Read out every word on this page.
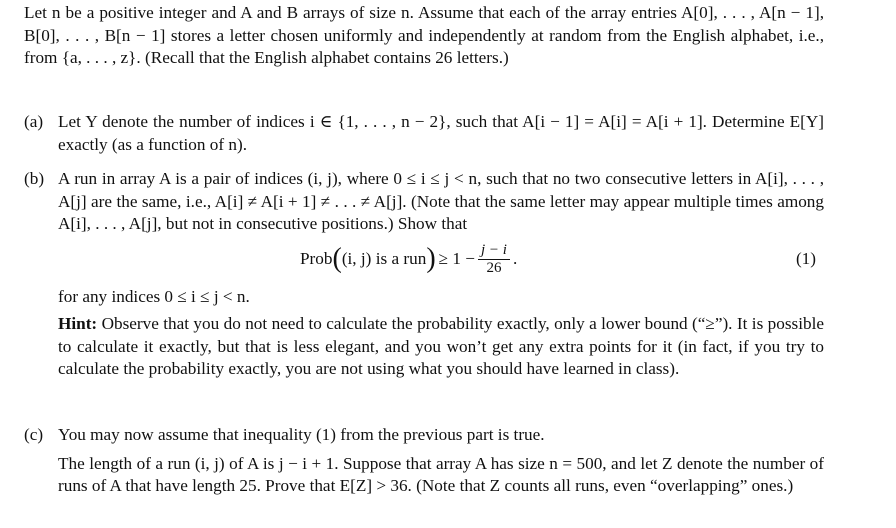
Let n be a positive integer and A and B arrays of size n. Assume that each of the array entries A[0], . . . , A[n − 1], B[0], . . . , B[n − 1] stores a letter chosen uniformly and independently at random from the English alphabet, i.e., from {a, . . . , z}. (Recall that the English alphabet contains 26 letters.)

(a) Let Y denote the number of indices i ∈ {1, . . . , n − 2}, such that A[i − 1] = A[i] = A[i + 1]. Determine E[Y] exactly (as a function of n).

(b) A run in array A is a pair of indices (i, j), where 0 ≤ i ≤ j < n, such that no two consecutive letters in A[i], . . . , A[j] are the same, i.e., A[i] ≠ A[i + 1] ≠ . . . ≠ A[j]. (Note that the same letter may appear multiple times among A[i], . . . , A[j], but not in consecutive positions.) Show that

Prob ( (i, j) is a run ) ≥ $1 - \frac{j - i}{26}$ .	(1)

for any indices 0 ≤ i ≤ j < n.

Hint: Observe that you do not need to calculate the probability exactly, only a lower bound (“≥”). It is possible to calculate it exactly, but that is less elegant, and you won’t get any extra points for it (in fact, if you try to calculate the probability exactly, you are not using what you should have learned in class).

(c) You may now assume that inequality (1) from the previous part is true.

The length of a run (i, j) of A is j − i + 1. Suppose that array A has size n = 500, and let Z denote the number of runs of A that have length 25. Prove that E[Z] > 36. (Note that Z counts all runs, even “overlapping” ones.)
